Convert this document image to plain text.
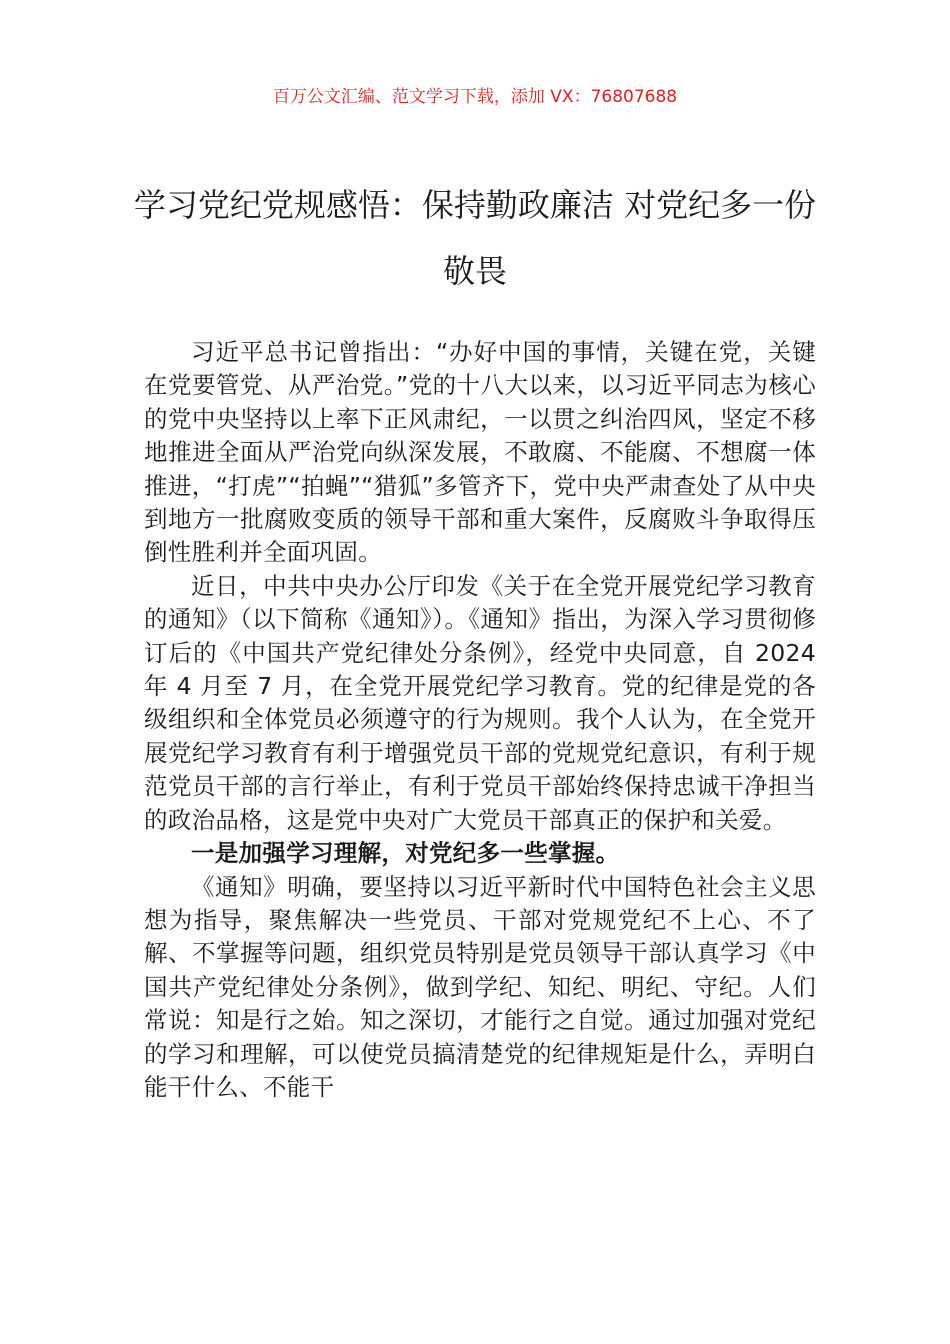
百万公文汇编、范文学习下载，添加 VX：76807688
学习党纪党规感悟：保持勤政廉洁 对党纪多一份敬畏

习近平总书记曾指出：“办好中国的事情，关键在党，关键在党要管党、从严治党。”党的十八大以来，以习近平同志为核心的党中央坚持以上率下正风肃纪，一以贯之纠治四风，坚定不移地推进全面从严治党向纵深发展，不敢腐、不能腐、不想腐一体推进，“打虎”“拍蝇”“猎狐”多管齐下，党中央严肃查处了从中央到地方一批腐败变质的领导干部和重大案件，反腐败斗争取得压倒性胜利并全面巩固。

近日，中共中央办公厅印发《关于在全党开展党纪学习教育的通知》（以下简称《通知》）。《通知》指出，为深入学习贯彻修订后的《中国共产党纪律处分条例》，经党中央同意，自 2024 年 4 月至 7 月，在全党开展党纪学习教育。党的纪律是党的各级组织和全体党员必须遵守的行为规则。我个人认为，在全党开展党纪学习教育有利于增强党员干部的党规党纪意识，有利于规范党员干部的言行举止，有利于党员干部始终保持忠诚干净担当的政治品格，这是党中央对广大党员干部真正的保护和关爱。

一是加强学习理解，对党纪多一些掌握。

《通知》明确，要坚持以习近平新时代中国特色社会主义思想为指导，聚焦解决一些党员、干部对党规党纪不上心、不了解、不掌握等问题，组织党员特别是党员领导干部认真学习《中国共产党纪律处分条例》，做到学纪、知纪、明纪、守纪。人们常说：知是行之始。知之深切，才能行之自觉。通过加强对党纪的学习和理解，可以使党员搞清楚党的纪律规矩是什么，弄明白能干什么、不能干
